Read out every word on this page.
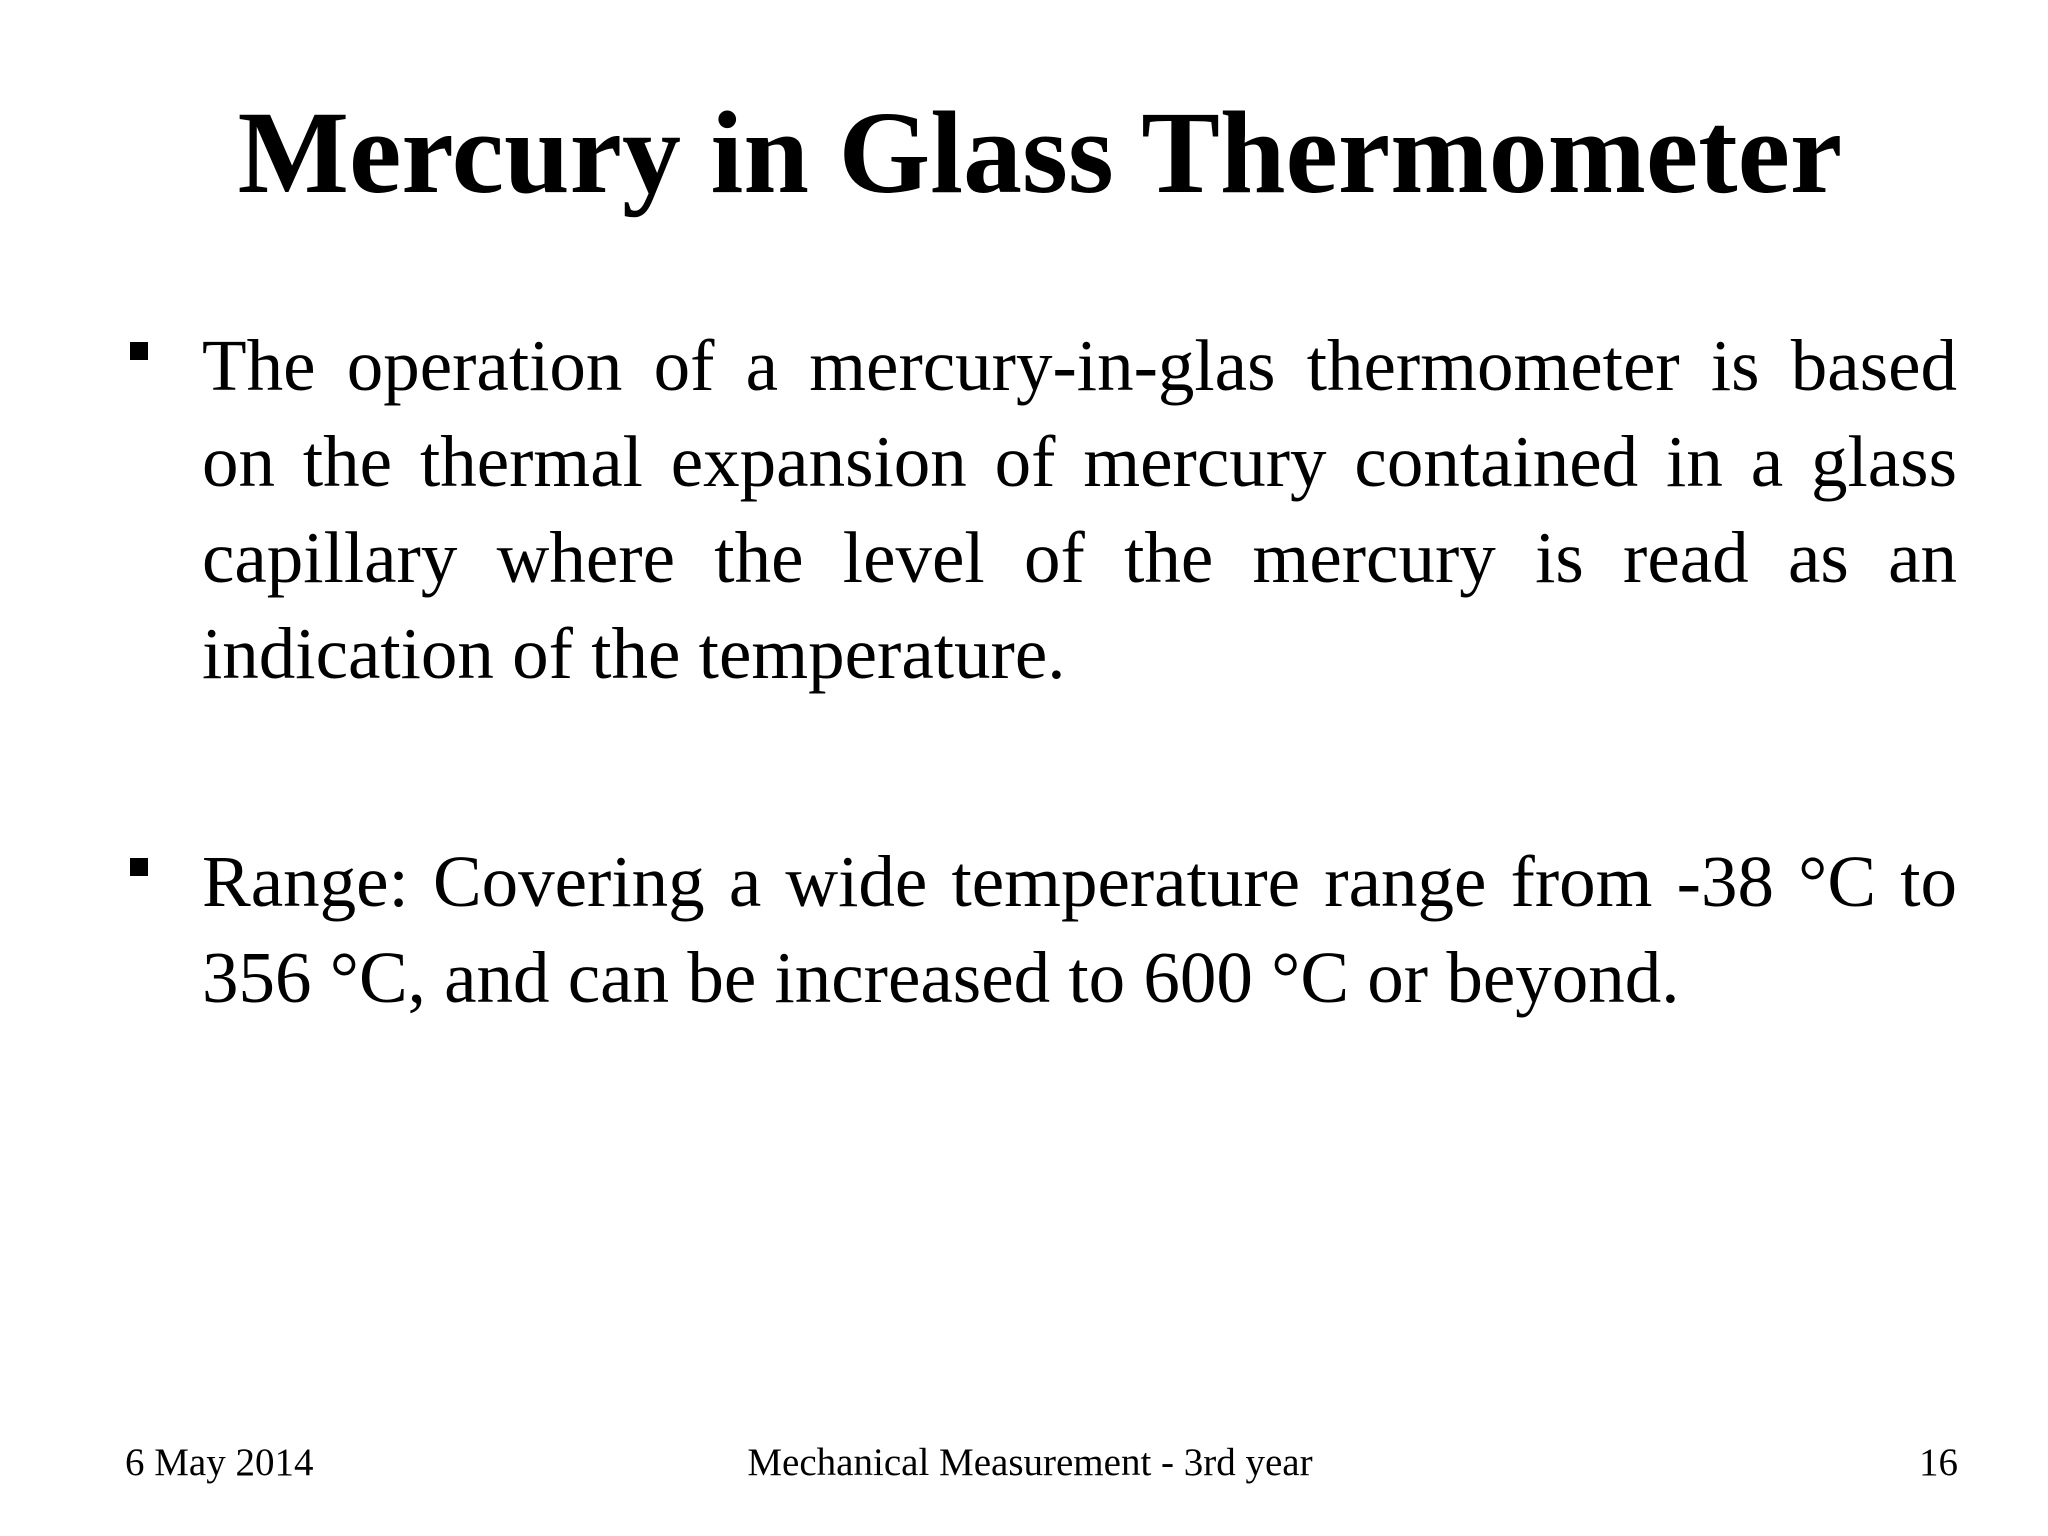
Mercury in Glass Thermometer
The operation of a mercury-in-glas thermometer is based on the thermal expansion of mercury contained in a glass capillary where the level of the mercury is read as an indication of the temperature.
Range: Covering a wide temperature range from -38 °C to 356 °C, and can be increased to 600 °C or beyond.
6 May 2014	Mechanical Measurement - 3rd year	16
